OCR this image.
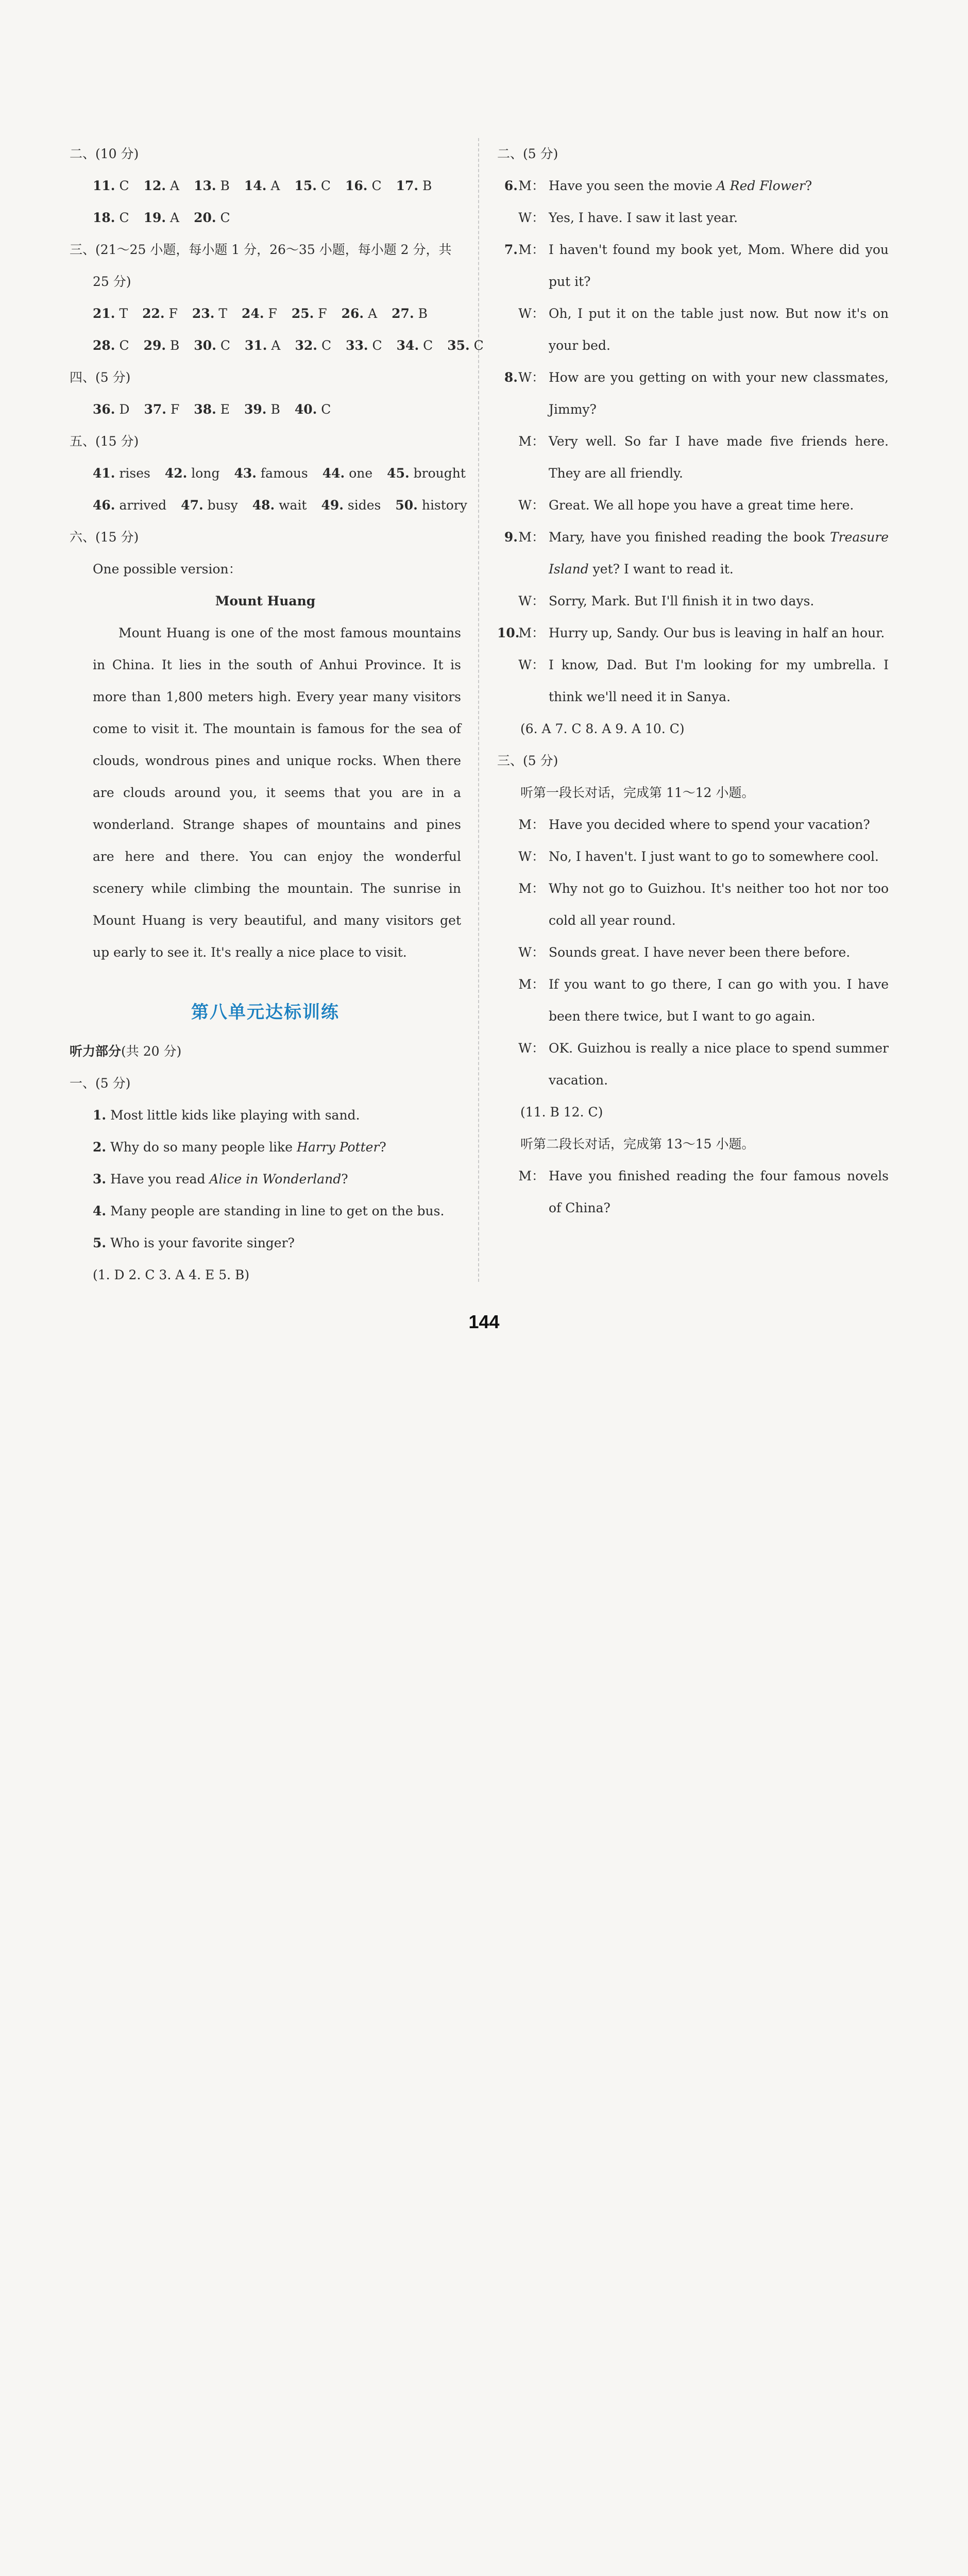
二、(10 分)
11. C 12. A 13. B 14. A 15. C 16. C 17. B
18. C 19. A 20. C
三、(21～25 小题，每小题 1 分，26～35 小题，每小题 2 分，共
25 分)
21. T 22. F 23. T 24. F 25. F 26. A 27. B
28. C 29. B 30. C 31. A 32. C 33. C 34. C 35. C
四、(5 分)
36. D 37. F 38. E 39. B 40. C
五、(15 分)
41. rises 42. long 43. famous 44. one 45. brought
46. arrived 47. busy 48. wait 49. sides 50. history
六、(15 分)
One possible version：
Mount Huang
Mount Huang is one of the most famous mountains in China. It lies in the south of Anhui Province. It is more than 1,800 meters high. Every year many visitors come to visit it. The mountain is famous for the sea of clouds, wondrous pines and unique rocks. When there are clouds around you, it seems that you are in a wonderland. Strange shapes of mountains and pines are here and there. You can enjoy the wonderful scenery while climbing the mountain. The sunrise in Mount Huang is very beautiful, and many visitors get up early to see it. It's really a nice place to visit.
第八单元达标训练
听力部分(共 20 分)
一、(5 分)
1. Most little kids like playing with sand.
2. Why do so many people like Harry Potter?
3. Have you read Alice in Wonderland?
4. Many people are standing in line to get on the bus.
5. Who is your favorite singer?
(1. D 2. C 3. A 4. E 5. B)
二、(5 分)
6. M： Have you seen the movie A Red Flower?
W： Yes, I have. I saw it last year.
7. M： I haven't found my book yet, Mom. Where did you put it?
W： Oh, I put it on the table just now. But now it's on your bed.
8. W： How are you getting on with your new classmates, Jimmy?
M： Very well. So far I have made five friends here. They are all friendly.
W： Great. We all hope you have a great time here.
9. M： Mary, have you finished reading the book Treasure Island yet? I want to read it.
W： Sorry, Mark. But I'll finish it in two days.
10.
M： Hurry up, Sandy. Our bus is leaving in half an hour.
W： I know, Dad. But I'm looking for my umbrella. I think we'll need it in Sanya.
(6. A 7. C 8. A 9. A 10. C)
三、(5 分)
听第一段长对话，完成第 11～12 小题。
M： Have you decided where to spend your vacation?
W： No, I haven't. I just want to go to somewhere cool.
M： Why not go to Guizhou. It's neither too hot nor too cold all year round.
W： Sounds great. I have never been there before.
M： If you want to go there, I can go with you. I have been there twice, but I want to go again.
W： OK. Guizhou is really a nice place to spend summer vacation.
(11. B 12. C)
听第二段长对话，完成第 13～15 小题。
M： Have you finished reading the four famous novels of China?
144
